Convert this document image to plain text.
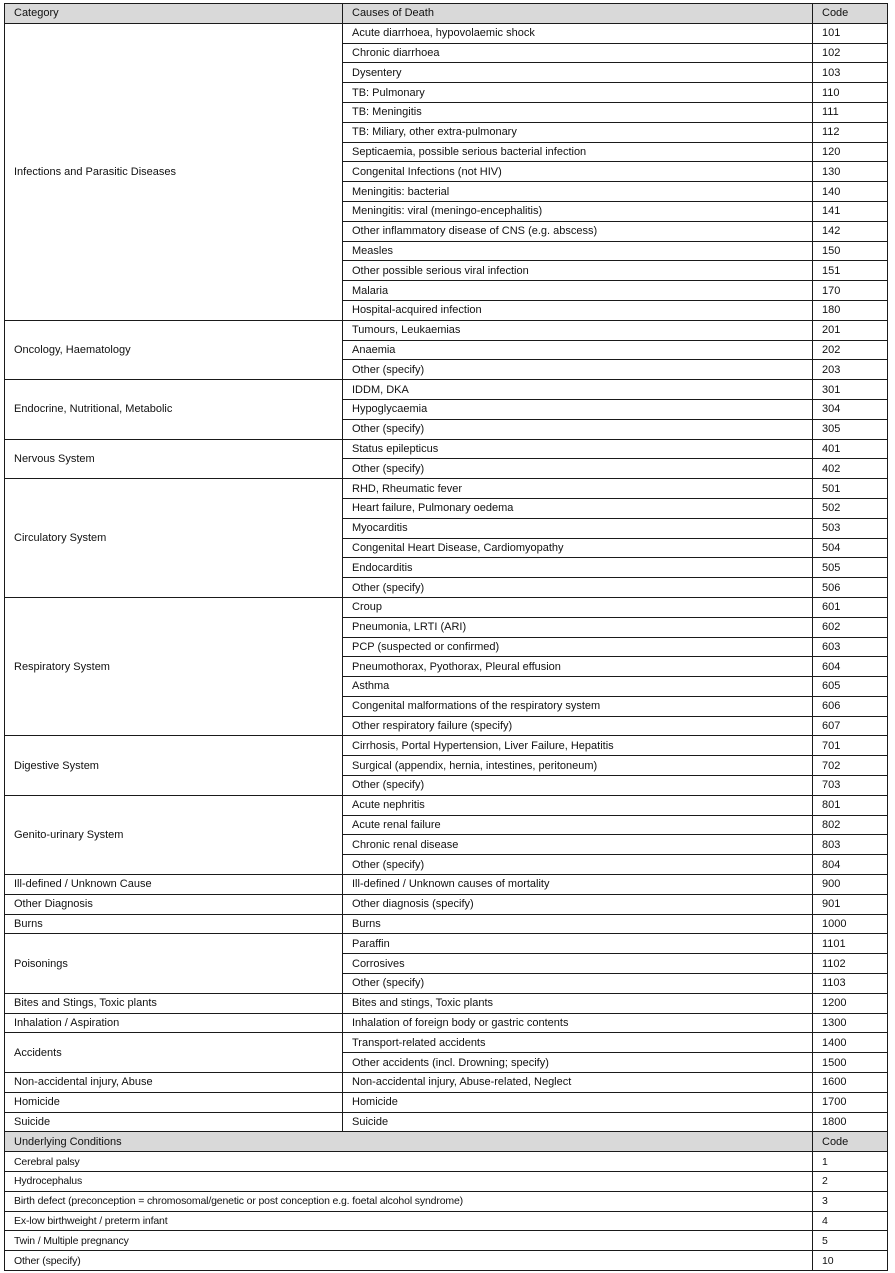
Category	Causes of Death	Code
Infections and Parasitic Diseases	Acute diarrhoea, hypovolaemic shock	101
	Chronic diarrhoea	102
	Dysentery	103
	TB: Pulmonary	110
	TB: Meningitis	111
	TB: Miliary, other extra-pulmonary	112
	Septicaemia, possible serious bacterial infection	120
	Congenital Infections (not HIV)	130
	Meningitis: bacterial	140
	Meningitis: viral (meningo-encephalitis)	141
	Other inflammatory disease of CNS (e.g. abscess)	142
	Measles	150
	Other possible serious viral infection	151
	Malaria	170
	Hospital-acquired infection	180
Oncology, Haematology	Tumours, Leukaemias	201
	Anaemia	202
	Other (specify)	203
Endocrine, Nutritional, Metabolic	IDDM, DKA	301
	Hypoglycaemia	304
	Other (specify)	305
Nervous System	Status epilepticus	401
	Other (specify)	402
Circulatory System	RHD, Rheumatic fever	501
	Heart failure, Pulmonary oedema	502
	Myocarditis	503
	Congenital Heart Disease, Cardiomyopathy	504
	Endocarditis	505
	Other (specify)	506
Respiratory System	Croup	601
	Pneumonia, LRTI (ARI)	602
	PCP (suspected or confirmed)	603
	Pneumothorax, Pyothorax, Pleural effusion	604
	Asthma	605
	Congenital malformations of the respiratory system	606
	Other respiratory failure (specify)	607
Digestive System	Cirrhosis, Portal Hypertension, Liver Failure, Hepatitis	701
	Surgical (appendix, hernia, intestines, peritoneum)	702
	Other (specify)	703
Genito-urinary System	Acute nephritis	801
	Acute renal failure	802
	Chronic renal disease	803
	Other (specify)	804
Ill-defined / Unknown Cause	Ill-defined / Unknown causes of mortality	900
Other Diagnosis	Other diagnosis (specify)	901
Burns	Burns	1000
Poisonings	Paraffin	1101
	Corrosives	1102
	Other (specify)	1103
Bites and Stings, Toxic plants	Bites and stings, Toxic plants	1200
Inhalation / Aspiration	Inhalation of foreign body or gastric contents	1300
Accidents	Transport-related accidents	1400
	Other accidents (incl. Drowning; specify)	1500
Non-accidental injury, Abuse	Non-accidental injury, Abuse-related, Neglect	1600
Homicide	Homicide	1700
Suicide	Suicide	1800
Underlying Conditions		Code
Cerebral palsy		1
Hydrocephalus		2
Birth defect (preconception = chromosomal/genetic or post conception e.g. foetal alcohol syndrome)		3
Ex-low birthweight / preterm infant		4
Twin / Multiple pregnancy		5
Other (specify)		10
